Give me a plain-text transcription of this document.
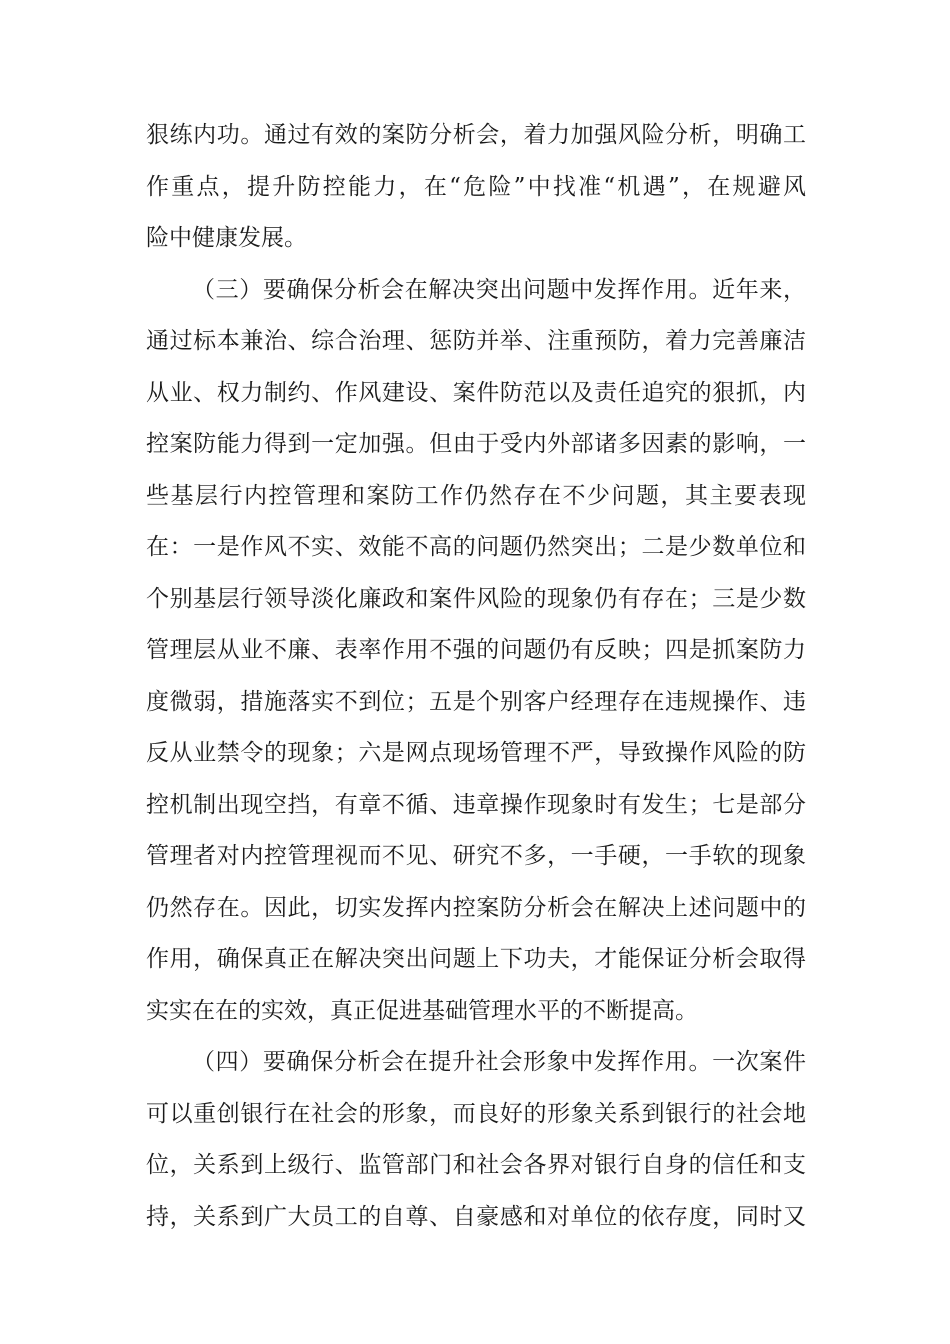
狠练内功。通过有效的案防分析会，着力加强风险分析，明确工

作重点，提升防控能力，在“危险”中找准“机遇”，在规避风

险中健康发展。

（三）要确保分析会在解决突出问题中发挥作用。近年来，

通过标本兼治、综合治理、惩防并举、注重预防，着力完善廉洁

从业、权力制约、作风建设、案件防范以及责任追究的狠抓，内

控案防能力得到一定加强。但由于受内外部诸多因素的影响，一

些基层行内控管理和案防工作仍然存在不少问题，其主要表现

在：一是作风不实、效能不高的问题仍然突出；二是少数单位和

个别基层行领导淡化廉政和案件风险的现象仍有存在；三是少数

管理层从业不廉、表率作用不强的问题仍有反映；四是抓案防力

度微弱，措施落实不到位；五是个别客户经理存在违规操作、违

反从业禁令的现象；六是网点现场管理不严，导致操作风险的防

控机制出现空挡，有章不循、违章操作现象时有发生；七是部分

管理者对内控管理视而不见、研究不多，一手硬，一手软的现象

仍然存在。因此，切实发挥内控案防分析会在解决上述问题中的

作用，确保真正在解决突出问题上下功夫，才能保证分析会取得

实实在在的实效，真正促进基础管理水平的不断提高。

（四）要确保分析会在提升社会形象中发挥作用。一次案件

可以重创银行在社会的形象，而良好的形象关系到银行的社会地

位，关系到上级行、监管部门和社会各界对银行自身的信任和支

持，关系到广大员工的自尊、自豪感和对单位的依存度，同时又
